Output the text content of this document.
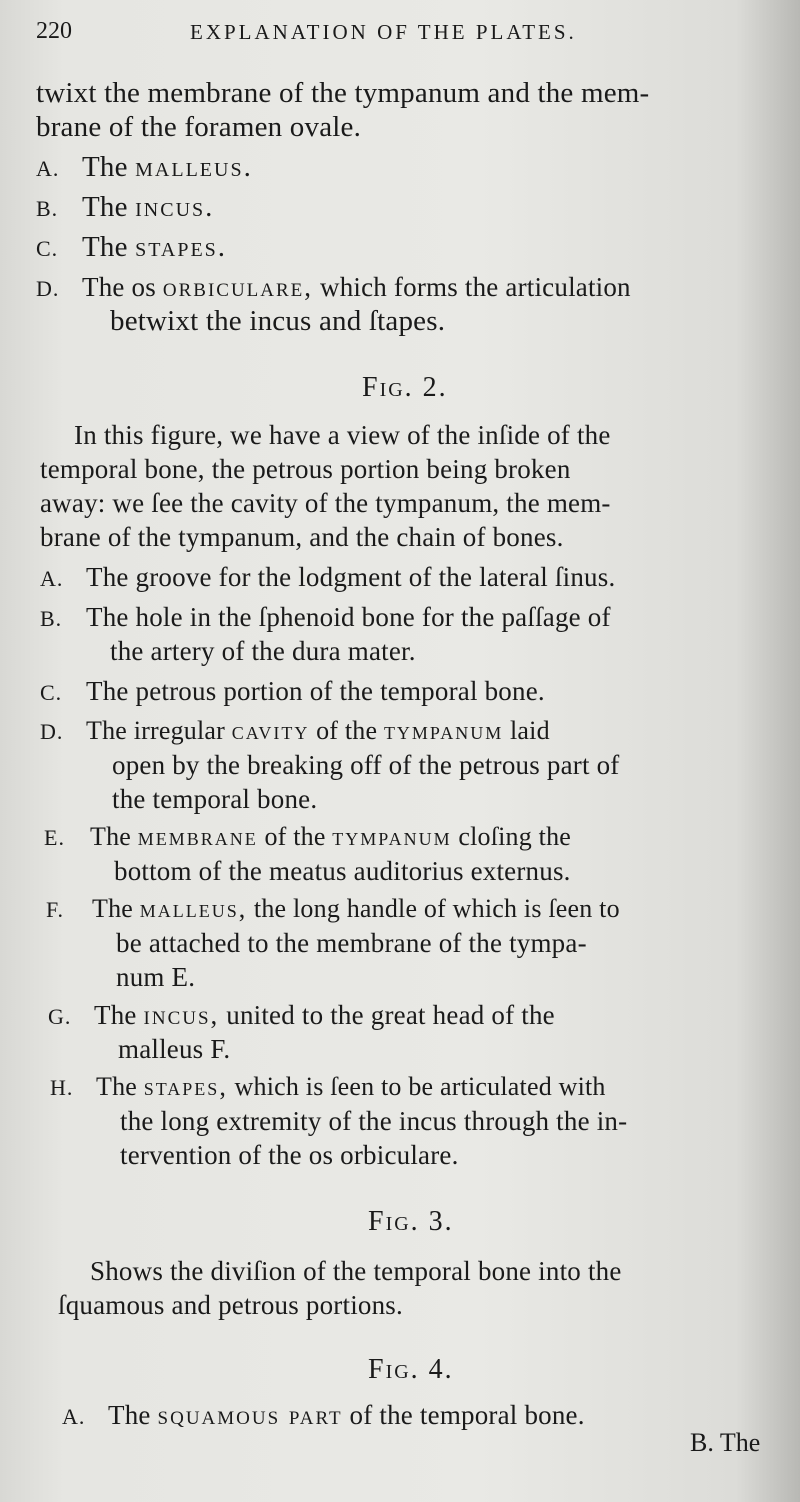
220	EXPLANATION OF THE PLATES.
twixt the membrane of the tympanum and the mem-
brane of the foramen ovale.
A. The malleus.
B. The incus.
C. The stapes.
D. The os orbiculare, which forms the articulation
betwixt the incus and ſtapes.
Fig. 2.
In this figure, we have a view of the inſide of the
temporal bone, the petrous portion being broken
away: we ſee the cavity of the tympanum, the mem-
brane of the tympanum, and the chain of bones.
A. The groove for the lodgment of the lateral ſinus.
B. The hole in the ſphenoid bone for the paſſage of
the artery of the dura mater.
C. The petrous portion of the temporal bone.
D. The irregular cavity of the tympanum laid
open by the breaking off of the petrous part of
the temporal bone.
E. The membrane of the tympanum cloſing the
bottom of the meatus auditorius externus.
F. The malleus, the long handle of which is ſeen to
be attached to the membrane of the tympa-
num E.
G. The incus, united to the great head of the
malleus F.
H. The stapes, which is ſeen to be articulated with
the long extremity of the incus through the in-
tervention of the os orbiculare.
Fig. 3.
Shows the diviſion of the temporal bone into the
ſquamous and petrous portions.
Fig. 4.
A. The squamous part of the temporal bone.
B. The
